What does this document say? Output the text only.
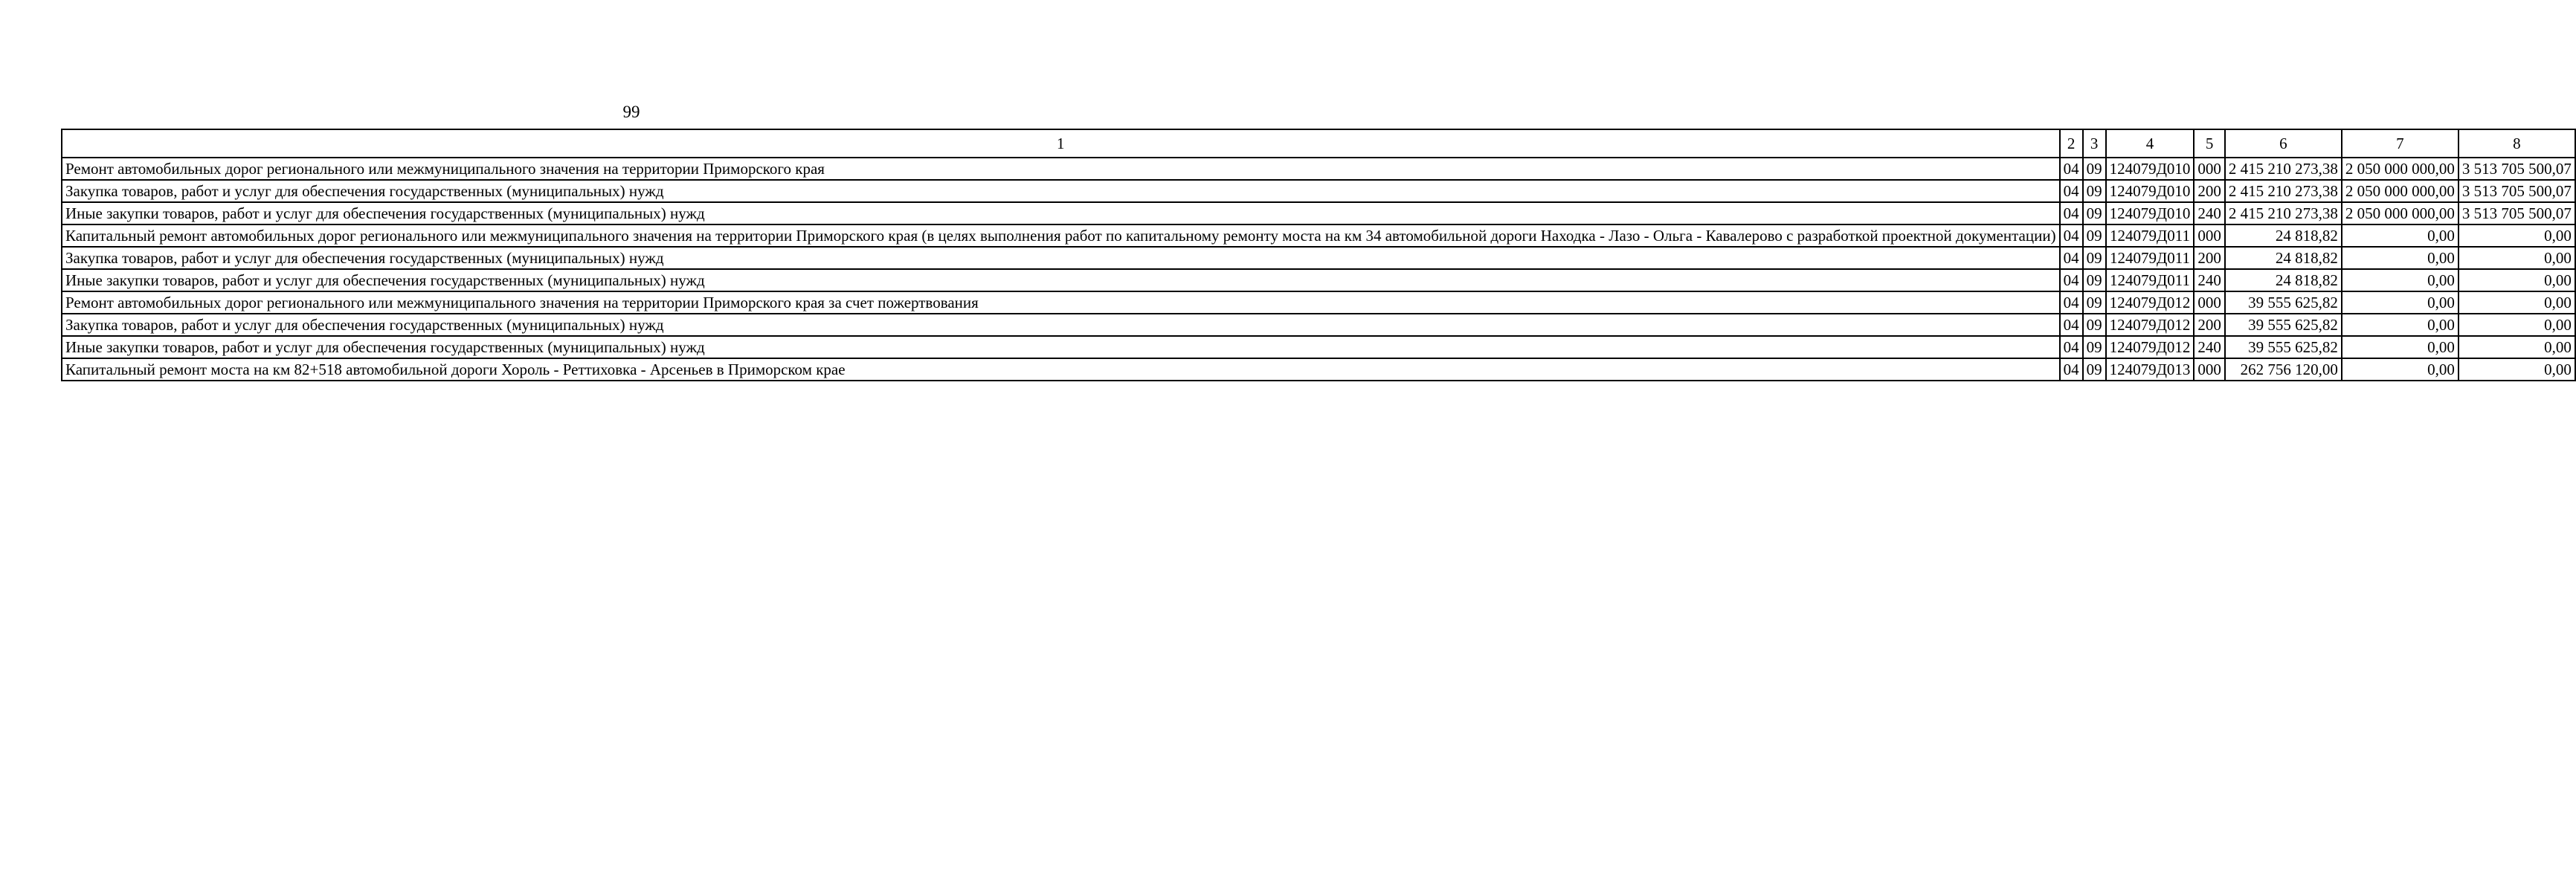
99
1	2	3	4	5	6	7	8
Ремонт автомобильных дорог регионального или межмуниципального значения на территории Приморского края	04	09	124079Д010	000	2 415 210 273,38	2 050 000 000,00	3 513 705 500,07
Закупка товаров, работ и услуг для обеспечения государственных (муниципальных) нужд	04	09	124079Д010	200	2 415 210 273,38	2 050 000 000,00	3 513 705 500,07
Иные закупки товаров, работ и услуг для обеспечения государственных (муниципальных) нужд	04	09	124079Д010	240	2 415 210 273,38	2 050 000 000,00	3 513 705 500,07
Капитальный ремонт автомобильных дорог регионального или межмуниципального значения на территории Приморского края (в целях выполнения работ по капитальному ремонту моста на км 34 автомобильной дороги Находка - Лазо - Ольга - Кавалерово с разработкой проектной документации)	04	09	124079Д011	000	24 818,82	0,00	0,00
Закупка товаров, работ и услуг для обеспечения государственных (муниципальных) нужд	04	09	124079Д011	200	24 818,82	0,00	0,00
Иные закупки товаров, работ и услуг для обеспечения государственных (муниципальных) нужд	04	09	124079Д011	240	24 818,82	0,00	0,00
Ремонт автомобильных дорог регионального или межмуниципального значения на территории Приморского края за счет пожертвования	04	09	124079Д012	000	39 555 625,82	0,00	0,00
Закупка товаров, работ и услуг для обеспечения государственных (муниципальных) нужд	04	09	124079Д012	200	39 555 625,82	0,00	0,00
Иные закупки товаров, работ и услуг для обеспечения государственных (муниципальных) нужд	04	09	124079Д012	240	39 555 625,82	0,00	0,00
Капитальный ремонт моста на км 82+518 автомобильной дороги Хороль - Реттиховка - Арсеньев в Приморском крае	04	09	124079Д013	000	262 756 120,00	0,00	0,00
